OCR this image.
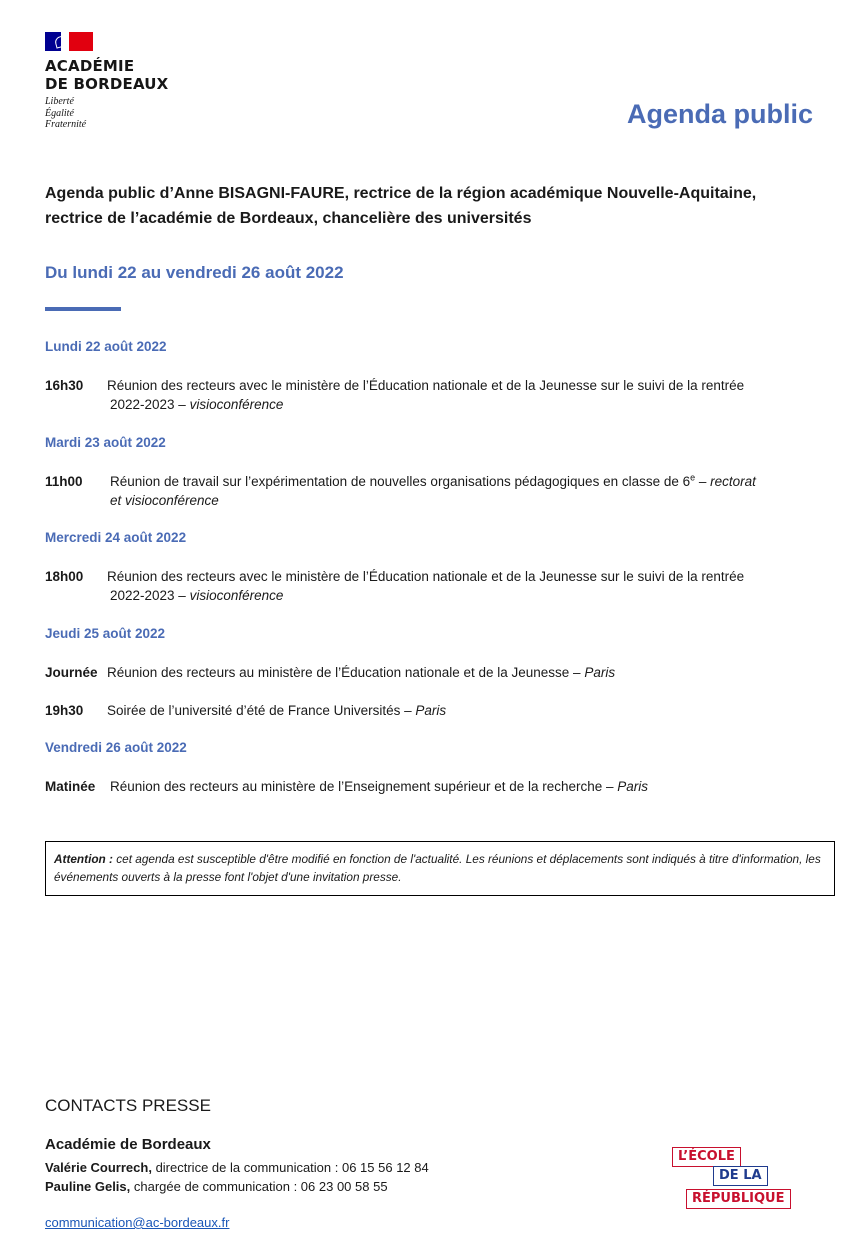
ACADÉMIE
DE BORDEAUX
Liberté
Égalité
Fraternité	Agenda public
Agenda public d’Anne BISAGNI-FAURE, rectrice de la région académique Nouvelle-Aquitaine, rectrice de l’académie de Bordeaux, chancelière des universités
Du lundi 22 au vendredi 26 août 2022
Lundi 22 août 2022
16h30 Réunion des recteurs avec le ministère de l’Éducation nationale et de la Jeunesse sur le suivi de la rentrée
2022-2023 – visioconférence
Mardi 23 août 2022
11h00 Réunion de travail sur l’expérimentation de nouvelles organisations pédagogiques en classe de 6e – rectorat
et visioconférence
Mercredi 24 août 2022
18h00 Réunion des recteurs avec le ministère de l’Éducation nationale et de la Jeunesse sur le suivi de la rentrée
2022-2023 – visioconférence
Jeudi 25 août 2022
Journée Réunion des recteurs au ministère de l’Éducation nationale et de la Jeunesse – Paris
19h30 Soirée de l’université d’été de France Universités – Paris
Vendredi 26 août 2022
Matinée Réunion des recteurs au ministère de l’Enseignement supérieur et de la recherche – Paris
Attention : cet agenda est susceptible d'être modifié en fonction de l'actualité. Les réunions et déplacements sont indiqués à titre d'information, les événements ouverts à la presse font l'objet d'une invitation presse.
CONTACTS PRESSE
Académie de Bordeaux
Valérie Courrech, directrice de la communication : 06 15 56 12 84
Pauline Gelis, chargée de communication : 06 23 00 58 55
communication@ac-bordeaux.fr
L’ÉCOLE
DE LA
RÉPUBLIQUE
